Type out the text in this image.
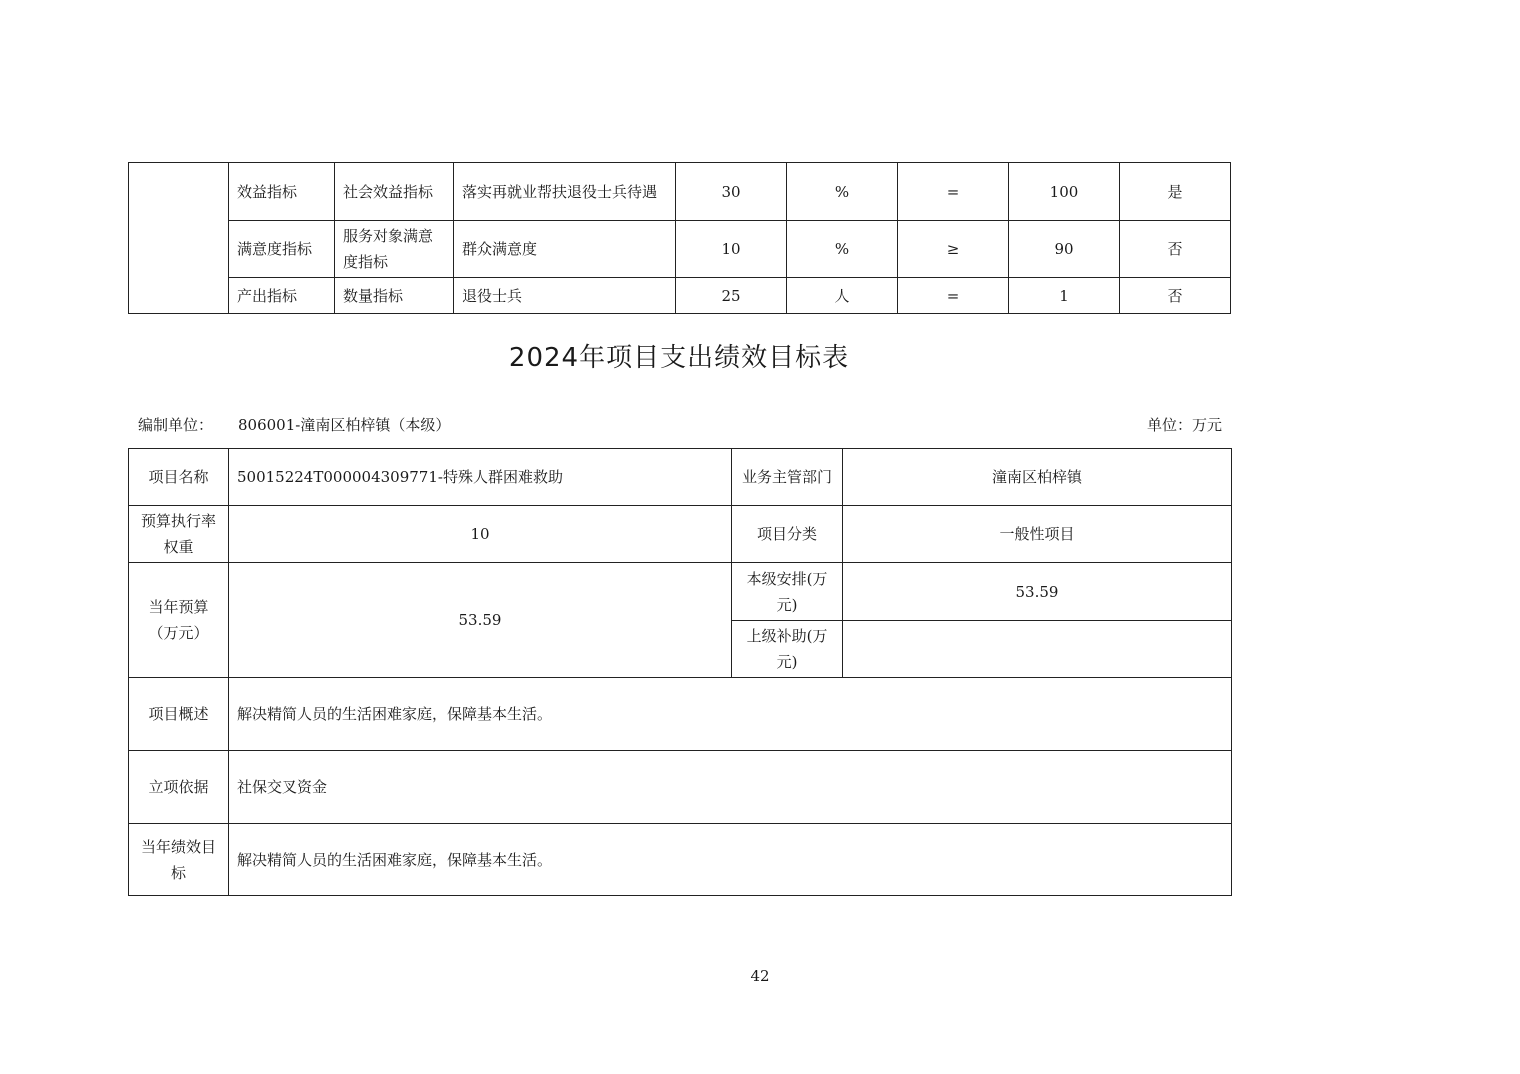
	效益指标	社会效益指标	落实再就业帮扶退役士兵待遇	30	%	=	100	是
	满意度指标	服务对象满意度指标	群众满意度	10	%	≥	90	否
	产出指标	数量指标	退役士兵	25	人	=	1	否
2024年项目支出绩效目标表
编制单位： 806001-潼南区柏梓镇（本级）	单位：万元
项目名称	50015224T000004309771-特殊人群困难救助	业务主管部门	潼南区柏梓镇
预算执行率权重	10	项目分类	一般性项目
当年预算（万元）	53.59	本级安排(万元)	53.59
		上级补助(万元)	
项目概述	解决精简人员的生活困难家庭，保障基本生活。		
立项依据	社保交叉资金		
当年绩效目标	解决精简人员的生活困难家庭，保障基本生活。		
42
